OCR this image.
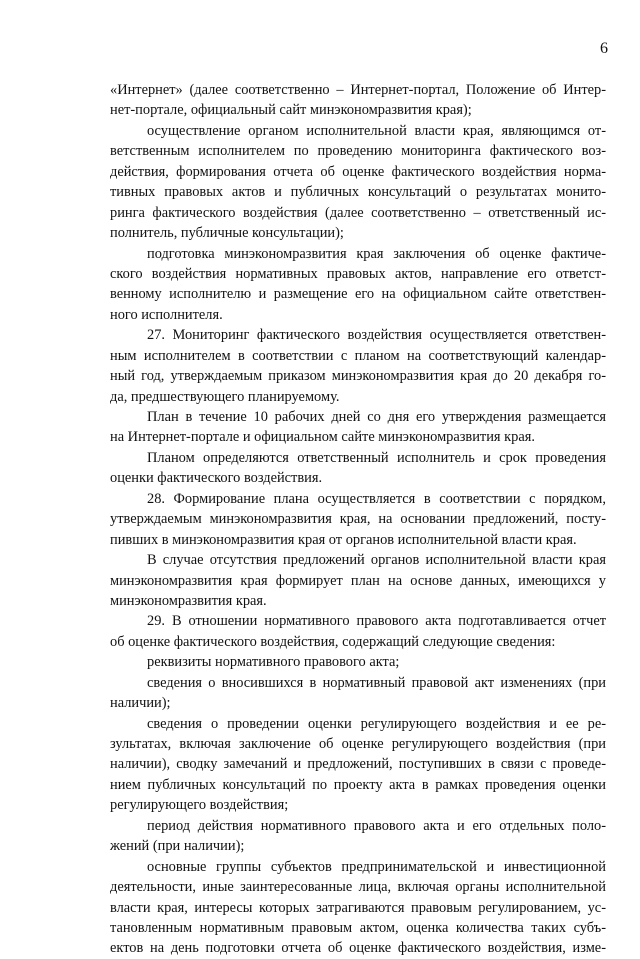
6
«Интернет» (далее соответственно – Интернет-портал, Положение об Интер-
нет-портале, официальный сайт минэкономразвития края);
осуществление органом исполнительной власти края, являющимся от-
ветственным исполнителем по проведению мониторинга фактического воз-
действия, формирования отчета об оценке фактического воздействия норма-
тивных правовых актов и публичных консультаций о результатах монито-
ринга фактического воздействия (далее соответственно – ответственный ис-
полнитель, публичные консультации);
подготовка минэкономразвития края заключения об оценке фактиче-
ского воздействия нормативных правовых актов, направление его ответст-
венному исполнителю и размещение его на официальном сайте ответствен-
ного исполнителя.
27. Мониторинг фактического воздействия осуществляется ответствен-
ным исполнителем в соответствии с планом на соответствующий календар-
ный год, утверждаемым приказом минэкономразвития края до 20 декабря го-
да, предшествующего планируемому.
План в течение 10 рабочих дней со дня его утверждения размещается
на Интернет-портале и официальном сайте минэкономразвития края.
Планом определяются ответственный исполнитель и срок проведения
оценки фактического воздействия.
28. Формирование плана осуществляется в соответствии с порядком,
утверждаемым минэкономразвития края, на основании предложений, посту-
пивших в минэкономразвития края от органов исполнительной власти края.
В случае отсутствия предложений органов исполнительной власти края
минэкономразвития края формирует план на основе данных, имеющихся у
минэкономразвития края.
29. В отношении нормативного правового акта подготавливается отчет
об оценке фактического воздействия, содержащий следующие сведения:
реквизиты нормативного правового акта;
сведения о вносившихся в нормативный правовой акт изменениях (при
наличии);
сведения о проведении оценки регулирующего воздействия и ее ре-
зультатах, включая заключение об оценке регулирующего воздействия (при
наличии), сводку замечаний и предложений, поступивших в связи с проведе-
нием публичных консультаций по проекту акта в рамках проведения оценки
регулирующего воздействия;
период действия нормативного правового акта и его отдельных поло-
жений (при наличии);
основные группы субъектов предпринимательской и инвестиционной
деятельности, иные заинтересованные лица, включая органы исполнительной
власти края, интересы которых затрагиваются правовым регулированием, ус-
тановленным нормативным правовым актом, оценка количества таких субъ-
ектов на день подготовки отчета об оценке фактического воздействия, изме-
